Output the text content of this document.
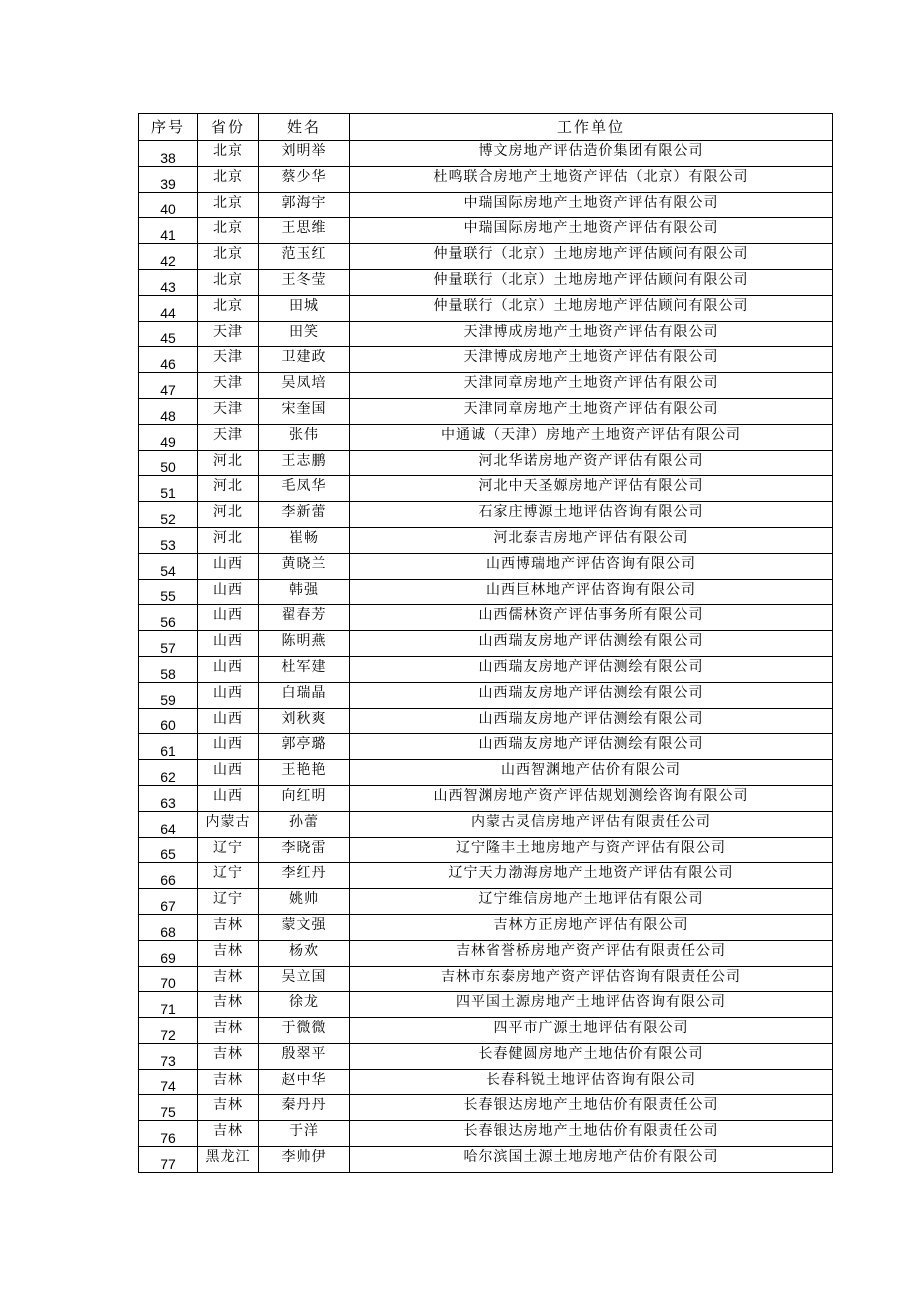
序号	省份	姓名	工作单位
38	北京	刘明举	博文房地产评估造价集团有限公司
39	北京	蔡少华	杜鸣联合房地产土地资产评估（北京）有限公司
40	北京	郭海宇	中瑞国际房地产土地资产评估有限公司
41	北京	王思维	中瑞国际房地产土地资产评估有限公司
42	北京	范玉红	仲量联行（北京）土地房地产评估顾问有限公司
43	北京	王冬莹	仲量联行（北京）土地房地产评估顾问有限公司
44	北京	田城	仲量联行（北京）土地房地产评估顾问有限公司
45	天津	田笑	天津博成房地产土地资产评估有限公司
46	天津	卫建政	天津博成房地产土地资产评估有限公司
47	天津	吴凤培	天津同章房地产土地资产评估有限公司
48	天津	宋奎国	天津同章房地产土地资产评估有限公司
49	天津	张伟	中通诚（天津）房地产土地资产评估有限公司
50	河北	王志鹏	河北华诺房地产资产评估有限公司
51	河北	毛凤华	河北中天圣嫄房地产评估有限公司
52	河北	李新蕾	石家庄博源土地评估咨询有限公司
53	河北	崔畅	河北泰吉房地产评估有限公司
54	山西	黄晓兰	山西博瑞地产评估咨询有限公司
55	山西	韩强	山西巨林地产评估咨询有限公司
56	山西	翟春芳	山西儒林资产评估事务所有限公司
57	山西	陈明燕	山西瑞友房地产评估测绘有限公司
58	山西	杜军建	山西瑞友房地产评估测绘有限公司
59	山西	白瑞晶	山西瑞友房地产评估测绘有限公司
60	山西	刘秋爽	山西瑞友房地产评估测绘有限公司
61	山西	郭亭璐	山西瑞友房地产评估测绘有限公司
62	山西	王艳艳	山西智渊地产估价有限公司
63	山西	向红明	山西智渊房地产资产评估规划测绘咨询有限公司
64	内蒙古	孙蕾	内蒙古灵信房地产评估有限责任公司
65	辽宁	李晓雷	辽宁隆丰土地房地产与资产评估有限公司
66	辽宁	李红丹	辽宁天力渤海房地产土地资产评估有限公司
67	辽宁	姚帅	辽宁维信房地产土地评估有限公司
68	吉林	蒙文强	吉林方正房地产评估有限公司
69	吉林	杨欢	吉林省誉桥房地产资产评估有限责任公司
70	吉林	吴立国	吉林市东泰房地产资产评估咨询有限责任公司
71	吉林	徐龙	四平国土源房地产土地评估咨询有限公司
72	吉林	于微微	四平市广源土地评估有限公司
73	吉林	殷翠平	长春健圆房地产土地估价有限公司
74	吉林	赵中华	长春科锐土地评估咨询有限公司
75	吉林	秦丹丹	长春银达房地产土地估价有限责任公司
76	吉林	于洋	长春银达房地产土地估价有限责任公司
77	黑龙江	李帅伊	哈尔滨国土源土地房地产估价有限公司
